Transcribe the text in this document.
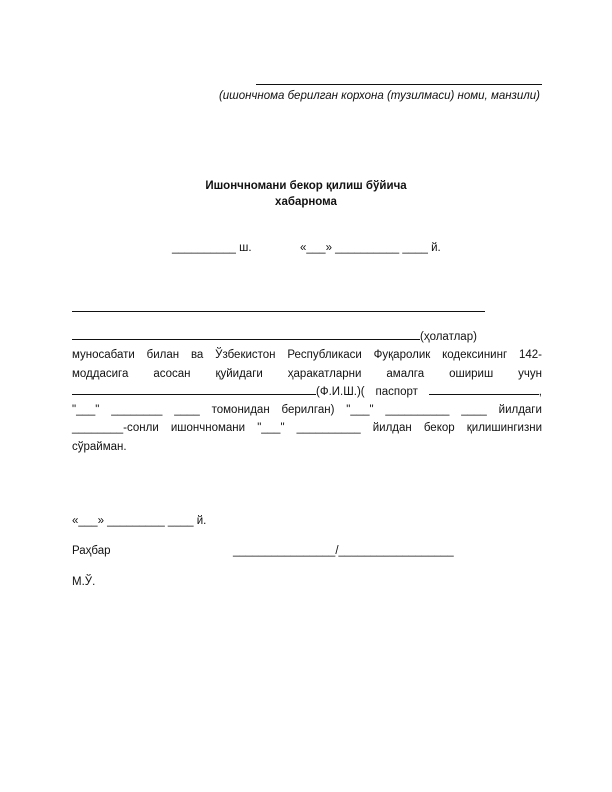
(ишончнома берилган корхона (тузилмаси) номи, манзили)
Ишончномани бекор қилиш бўйича
хабарнома
__________ ш.	«___» __________ ____ й.
(ҳолатлар)
муносабати билан ва Ўзбекистон Республикаси Фуқаролик кодексининг 142-
моддасига асосан қуйидаги ҳаракатларни амалга ошириш учун
(Ф.И.Ш.)( паспорт	,
"___" ________ ____ томонидан берилган) "___" __________ ____ йилдаги
________-сонли ишончномани "___" __________ йилдан бекор қилишингизни
сўрайман.
«___» _________ ____ й.
Раҳбар	________________/__________________
М.Ў.
